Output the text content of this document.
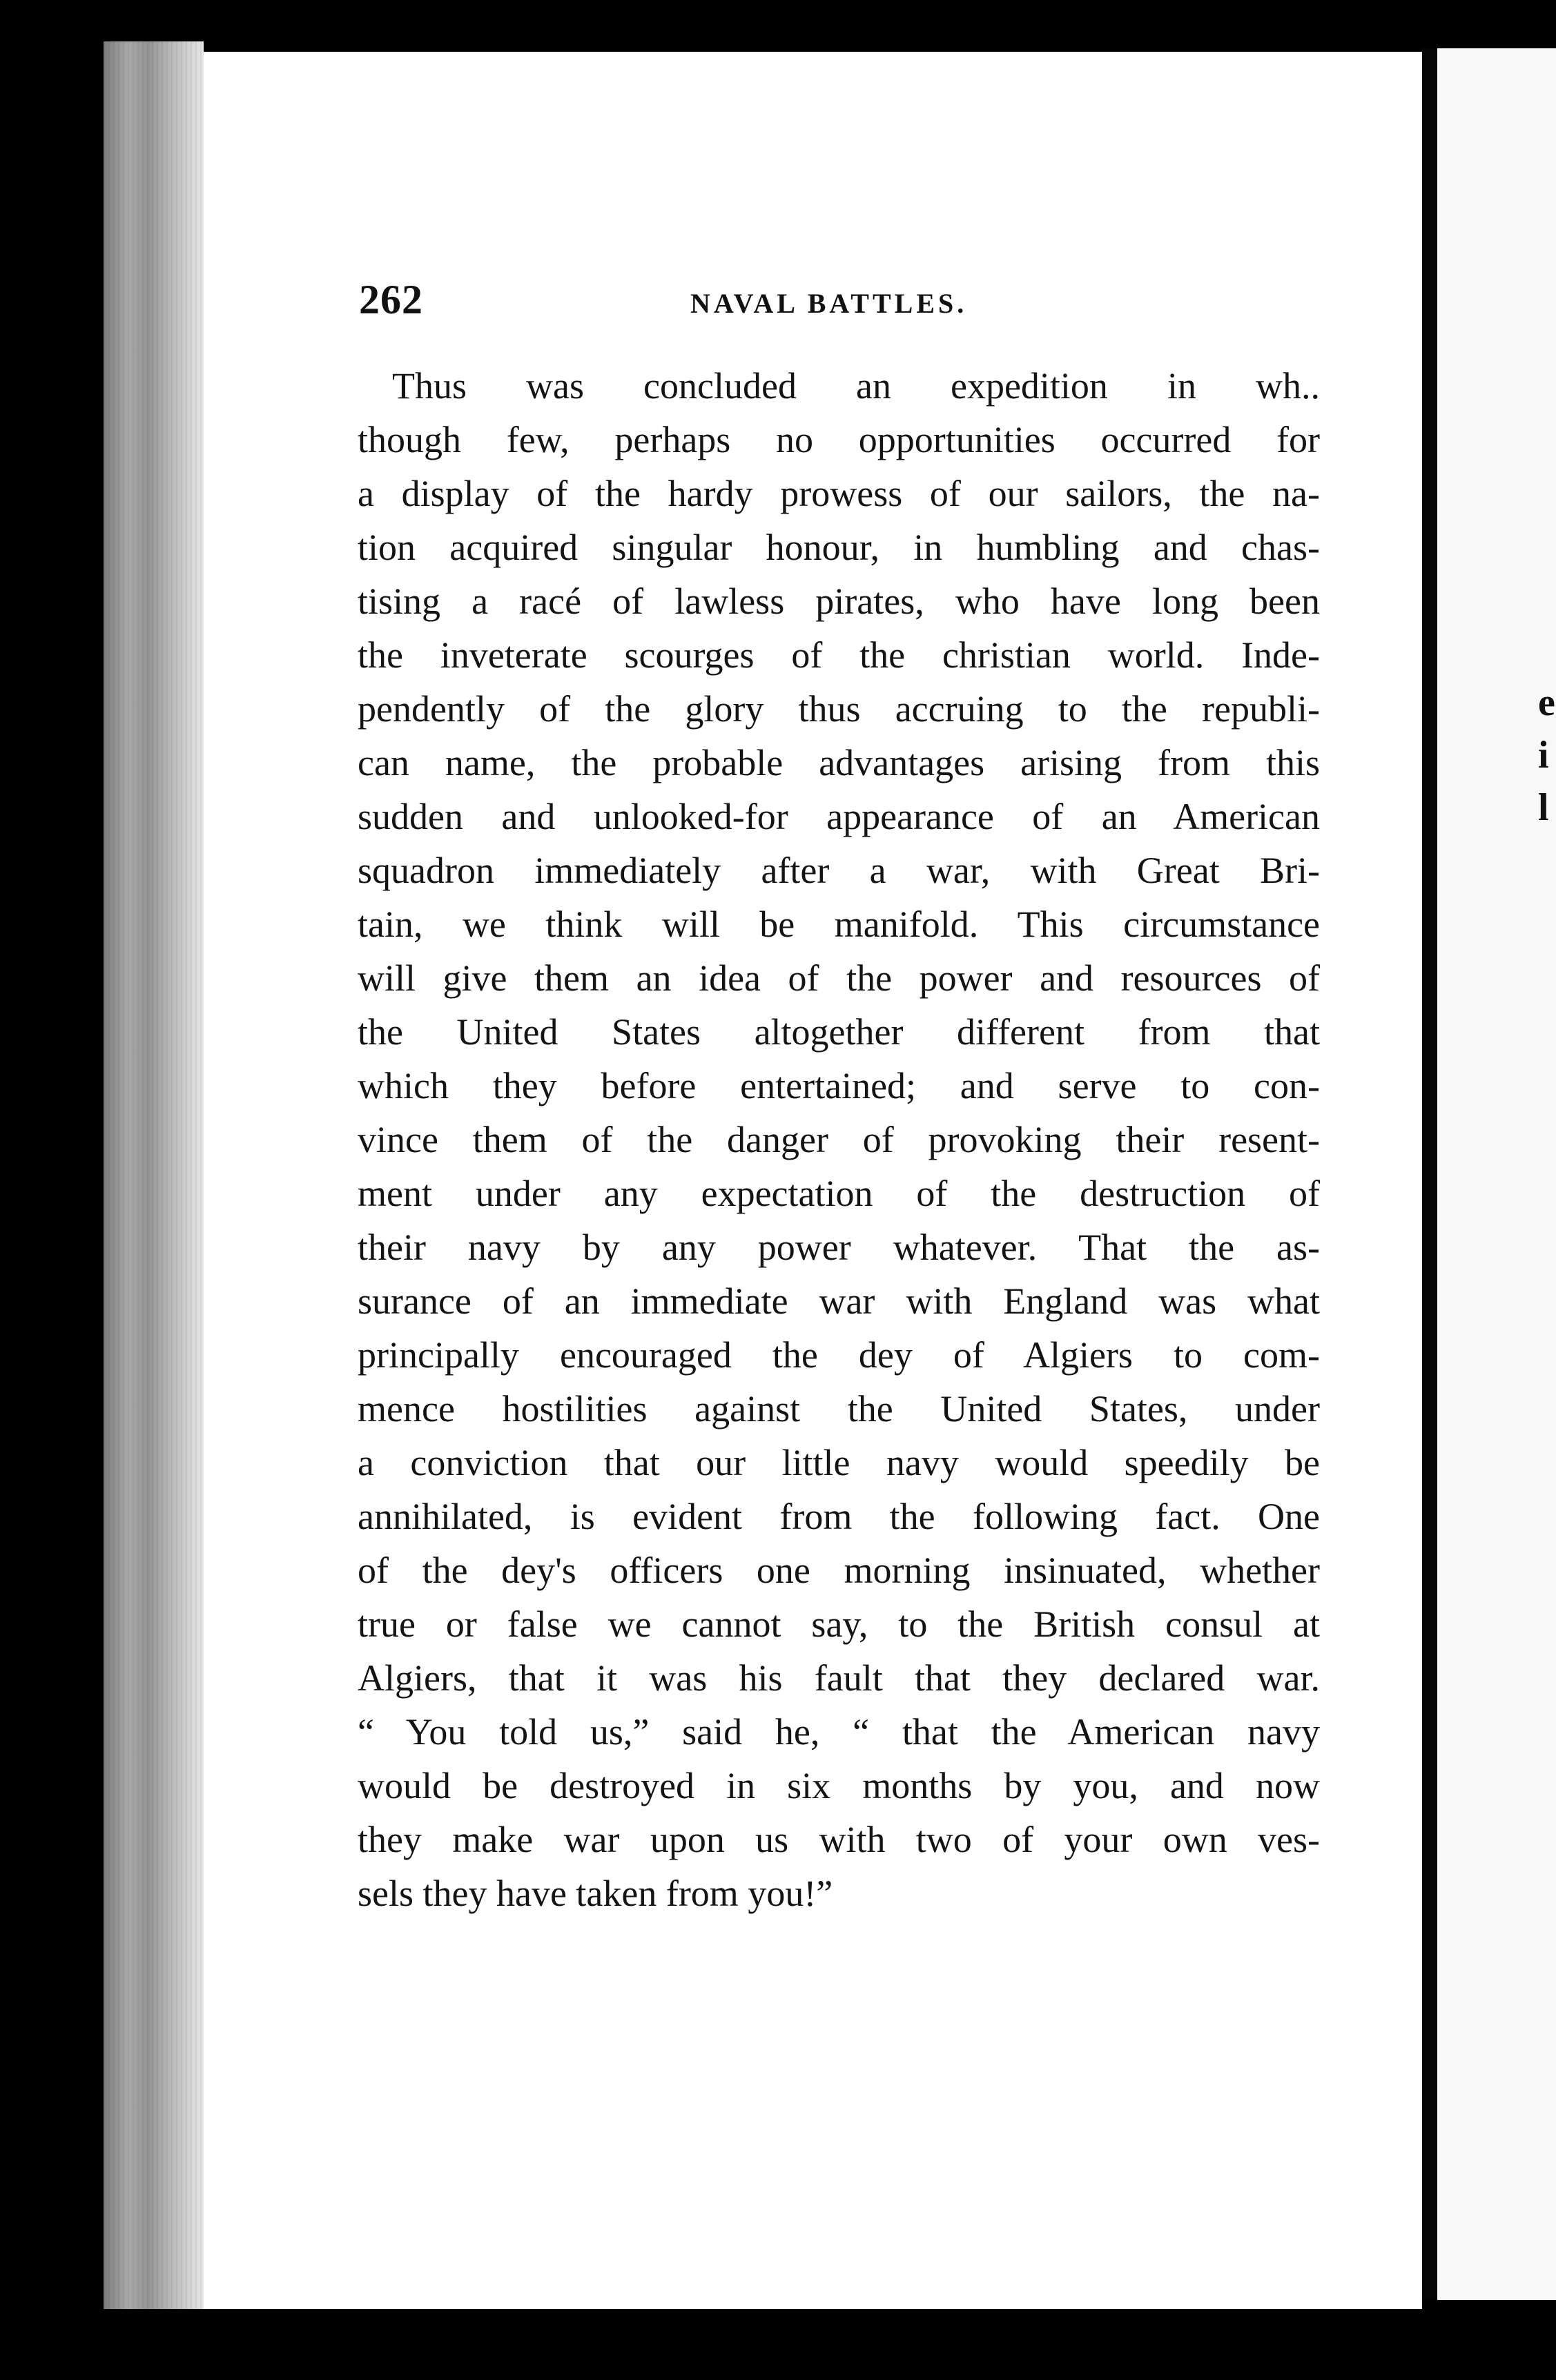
e
i
l
262	NAVAL BATTLES.
Thus was concluded an expedition in wh..
though few, perhaps no opportunities occurred for
a display of the hardy prowess of our sailors, the na-
tion acquired singular honour, in humbling and chas-
tising a racé of lawless pirates, who have long been
the inveterate scourges of the christian world. Inde-
pendently of the glory thus accruing to the republi-
can name, the probable advantages arising from this
sudden and unlooked-for appearance of an American
squadron immediately after a war, with Great Bri-
tain, we think will be manifold. This circumstance
will give them an idea of the power and resources of
the United States altogether different from that
which they before entertained; and serve to con-
vince them of the danger of provoking their resent-
ment under any expectation of the destruction of
their navy by any power whatever. That the as-
surance of an immediate war with England was what
principally encouraged the dey of Algiers to com-
mence hostilities against the United States, under
a conviction that our little navy would speedily be
annihilated, is evident from the following fact. One
of the dey's officers one morning insinuated, whether
true or false we cannot say, to the British consul at
Algiers, that it was his fault that they declared war.
“ You told us,” said he, “ that the American navy
would be destroyed in six months by you, and now
they make war upon us with two of your own ves-
sels they have taken from you!”
